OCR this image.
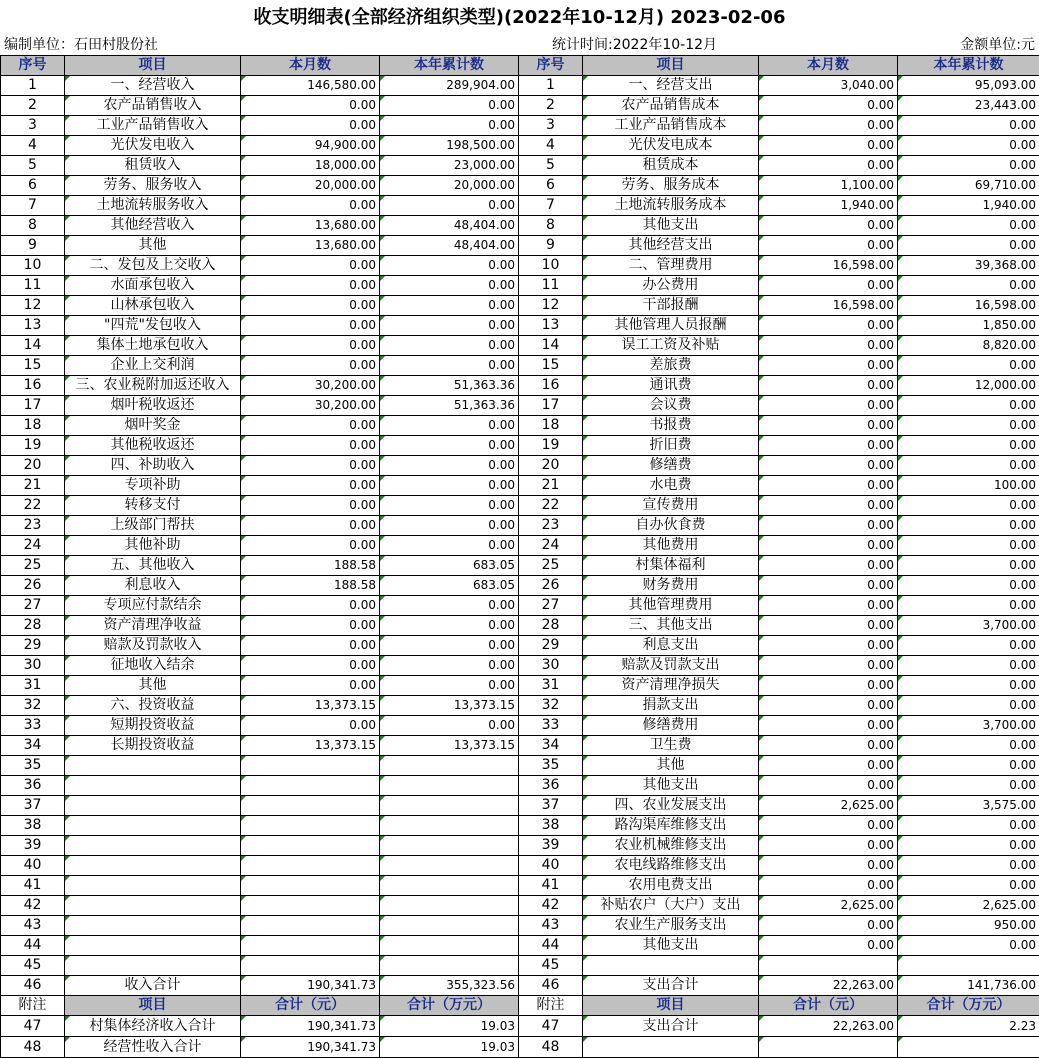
收支明细表(全部经济组织类型)(2022年10-12月) 2023-02-06
编制单位：石田村股份社	统计时间:2022年10-12月	金额单位:元
序号	项目	本月数	本年累计数	序号	项目	本月数	本年累计数
1	一、经营收入	146,580.00	289,904.00	1	一、经营支出	3,040.00	95,093.00
2	农产品销售收入	0.00	0.00	2	农产品销售成本	0.00	23,443.00
3	工业产品销售收入	0.00	0.00	3	工业产品销售成本	0.00	0.00
4	光伏发电收入	94,900.00	198,500.00	4	光伏发电成本	0.00	0.00
5	租赁收入	18,000.00	23,000.00	5	租赁成本	0.00	0.00
6	劳务、服务收入	20,000.00	20,000.00	6	劳务、服务成本	1,100.00	69,710.00
7	土地流转服务收入	0.00	0.00	7	土地流转服务成本	1,940.00	1,940.00
8	其他经营收入	13,680.00	48,404.00	8	其他支出	0.00	0.00
9	其他	13,680.00	48,404.00	9	其他经营支出	0.00	0.00
10	二、发包及上交收入	0.00	0.00	10	二、管理费用	16,598.00	39,368.00
11	水面承包收入	0.00	0.00	11	办公费用	0.00	0.00
12	山林承包收入	0.00	0.00	12	干部报酬	16,598.00	16,598.00
13	"四荒"发包收入	0.00	0.00	13	其他管理人员报酬	0.00	1,850.00
14	集体土地承包收入	0.00	0.00	14	误工工资及补贴	0.00	8,820.00
15	企业上交利润	0.00	0.00	15	差旅费	0.00	0.00
16	三、农业税附加返还收入	30,200.00	51,363.36	16	通讯费	0.00	12,000.00
17	烟叶税收返还	30,200.00	51,363.36	17	会议费	0.00	0.00
18	烟叶奖金	0.00	0.00	18	书报费	0.00	0.00
19	其他税收返还	0.00	0.00	19	折旧费	0.00	0.00
20	四、补助收入	0.00	0.00	20	修缮费	0.00	0.00
21	专项补助	0.00	0.00	21	水电费	0.00	100.00
22	转移支付	0.00	0.00	22	宣传费用	0.00	0.00
23	上级部门帮扶	0.00	0.00	23	自办伙食费	0.00	0.00
24	其他补助	0.00	0.00	24	其他费用	0.00	0.00
25	五、其他收入	188.58	683.05	25	村集体福利	0.00	0.00
26	利息收入	188.58	683.05	26	财务费用	0.00	0.00
27	专项应付款结余	0.00	0.00	27	其他管理费用	0.00	0.00
28	资产清理净收益	0.00	0.00	28	三、其他支出	0.00	3,700.00
29	赔款及罚款收入	0.00	0.00	29	利息支出	0.00	0.00
30	征地收入结余	0.00	0.00	30	赔款及罚款支出	0.00	0.00
31	其他	0.00	0.00	31	资产清理净损失	0.00	0.00
32	六、投资收益	13,373.15	13,373.15	32	捐款支出	0.00	0.00
33	短期投资收益	0.00	0.00	33	修缮费用	0.00	3,700.00
34	长期投资收益	13,373.15	13,373.15	34	卫生费	0.00	0.00
35				35	其他	0.00	0.00
36				36	其他支出	0.00	0.00
37				37	四、农业发展支出	2,625.00	3,575.00
38				38	路沟渠库维修支出	0.00	0.00
39				39	农业机械维修支出	0.00	0.00
40				40	农电线路维修支出	0.00	0.00
41				41	农用电费支出	0.00	0.00
42				42	补贴农户（大户）支出	2,625.00	2,625.00
43				43	农业生产服务支出	0.00	950.00
44				44	其他支出	0.00	0.00
45				45	

46	收入合计	190,341.73	355,323.56	46	支出合计	22,263.00	141,736.00
附注	项目	合计（元）	合计（万元）	附注	项目	合计（元）	合计（万元）
47	村集体经济收入合计	190,341.73	19.03	47	支出合计	22,263.00	2.23
48	经营性收入合计	190,341.73	19.03	48	
